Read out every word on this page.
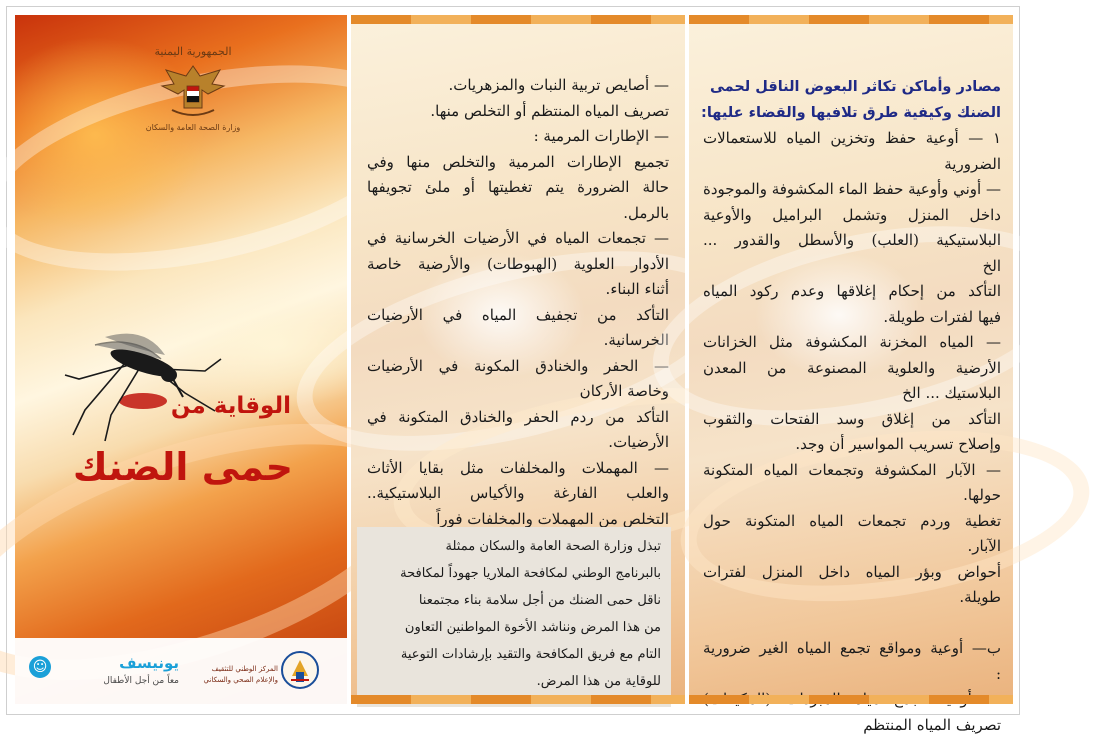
الجمهورية اليمنية
وزارة الصحة العامة والسكان
الوقاية من
حمى الضنك
☺	يونيسف
معاً من أجل الأطفال
المركز الوطني للتثقيف والإعلام الصحي والسكاني
— أصايص تربية النبات والمزهريات.
تصريف المياه المنتظم أو التخلص منها.
— الإطارات المرمية :
تجميع الإطارات المرمية والتخلص منها وفي
حالة الضرورة يتم تغطيتها أو ملئ تجويفها
بالرمل.
— تجمعات المياه في الأرضيات الخرسانية في
الأدوار العلوية (الهبوطات) والأرضية خاصة
أثناء البناء.
التأكد من تجفيف المياه في الأرضيات
الخرسانية.
— الحفر والخنادق المكونة في الأرضيات
وخاصة الأركان
التأكد من ردم الحفر والخنادق المتكونة في
الأرضيات.
— المهملات والمخلفات مثل بقايا الأثاث
والعلب الفارغة والأكياس البلاستيكية..
التخلص من المهملات والمخلفات فوراً
تبذل وزارة الصحة العامة والسكان ممثلة
بالبرنامج الوطني لمكافحة الملاريا جهوداً لمكافحة
ناقل حمى الضنك من أجل سلامة بناء مجتمعنا
من هذا المرض ونناشد الأخوة المواطنين التعاون
التام مع فريق المكافحة والتقيد بإرشادات التوعية
للوقاية من هذا المرض.
مصادر وأماكن تكاثر البعوض الناقل لحمى
الضنك وكيفية طرق تلافيها والقضاء عليها:
١ — أوعية حفظ وتخزين المياه للاستعمالات
الضرورية
— أوني وأوعية حفظ الماء المكشوفة والموجودة
داخل المنزل وتشمل البراميل والأوعية
البلاستيكية (العلب) والأسطل والقدور ...
الخ
التأكد من إحكام إغلاقها وعدم ركود المياه
فيها لفترات طويلة.
— المياه المخزنة المكشوفة مثل الخزانات
الأرضية والعلوية المصنوعة من المعدن
البلاستيك ... الخ
التأكد من إغلاق وسد الفتحات والثقوب
وإصلاح تسريب المواسير أن وجد.
— الآبار المكشوفة وتجمعات المياه المتكونة
حولها.
تغطية وردم تجمعات المياه المتكونة حول
الآبار.
أحواض وبؤر المياه داخل المنزل لفترات
طويلة.
ب— أوعية ومواقع تجمع المياه الغير ضرورية
:
تصريف المياه المنتظم
